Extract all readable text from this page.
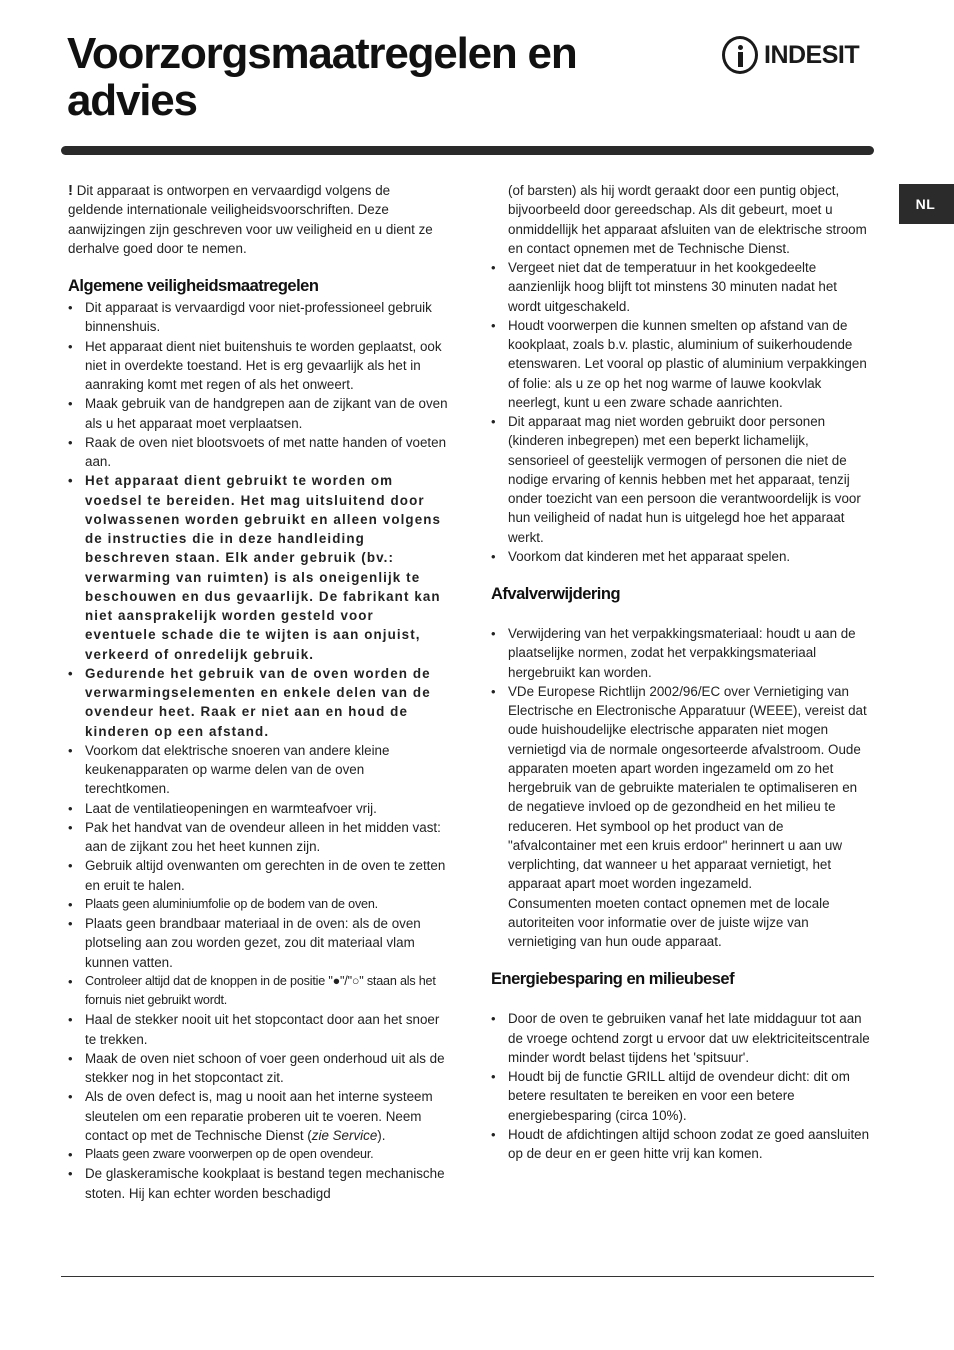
Voorzorgsmaatregelen en
advies
INDESIT
NL

! Dit apparaat is ontworpen en vervaardigd volgens de geldende internationale veiligheidsvoorschriften. Deze aanwijzingen zijn geschreven voor uw veiligheid en u dient ze derhalve goed door te nemen.

Algemene veiligheidsmaatregelen
• Dit apparaat is vervaardigd voor niet-professioneel gebruik binnenshuis.
• Het apparaat dient niet buitenshuis te worden geplaatst, ook niet in overdekte toestand. Het is erg gevaarlijk als het in aanraking komt met regen of als het onweert.
• Maak gebruik van de handgrepen aan de zijkant van de oven als u het apparaat moet verplaatsen.
• Raak de oven niet blootsvoets of met natte handen of voeten aan.
• Het apparaat dient gebruikt te worden om voedsel te bereiden. Het mag uitsluitend door volwassenen worden gebruikt en alleen volgens de instructies die in deze handleiding beschreven staan. Elk ander gebruik (bv.: verwarming van ruimten) is als oneigenlijk te beschouwen en dus gevaarlijk. De fabrikant kan niet aansprakelijk worden gesteld voor eventuele schade die te wijten is aan onjuist, verkeerd of onredelijk gebruik.
• Gedurende het gebruik van de oven worden de verwarmingselementen en enkele delen van de ovendeur heet. Raak er niet aan en houd de kinderen op een afstand.
• Voorkom dat elektrische snoeren van andere kleine keukenapparaten op warme delen van de oven terechtkomen.
• Laat de ventilatieopeningen en warmteafvoer vrij.
• Pak het handvat van de ovendeur alleen in het midden vast: aan de zijkant zou het heet kunnen zijn.
• Gebruik altijd ovenwanten om gerechten in de oven te zetten en eruit te halen.
• Plaats geen aluminiumfolie op de bodem van de oven.
• Plaats geen brandbaar materiaal in de oven: als de oven plotseling aan zou worden gezet, zou dit materiaal vlam kunnen vatten.
• Controleer altijd dat de knoppen in de positie "●"/"○" staan als het fornuis niet gebruikt wordt.
• Haal de stekker nooit uit het stopcontact door aan het snoer te trekken.
• Maak de oven niet schoon of voer geen onderhoud uit als de stekker nog in het stopcontact zit.
• Als de oven defect is, mag u nooit aan het interne systeem sleutelen om een reparatie proberen uit te voeren. Neem contact op met de Technische Dienst (zie Service).
• Plaats geen zware voorwerpen op de open ovendeur.
• De glaskeramische kookplaat is bestand tegen mechanische stoten. Hij kan echter worden beschadigd

(of barsten) als hij wordt geraakt door een puntig object, bijvoorbeeld door gereedschap. Als dit gebeurt, moet u onmiddellijk het apparaat afsluiten van de elektrische stroom en contact opnemen met de Technische Dienst.

• Vergeet niet dat de temperatuur in het kookgedeelte aanzienlijk hoog blijft tot minstens 30 minuten nadat het wordt uitgeschakeld.
• Houdt voorwerpen die kunnen smelten op afstand van de kookplaat, zoals b.v. plastic, aluminium of suikerhoudende etenswaren. Let vooral op plastic of aluminium verpakkingen of folie: als u ze op het nog warme of lauwe kookvlak neerlegt, kunt u een zware schade aanrichten.
• Dit apparaat mag niet worden gebruikt door personen (kinderen inbegrepen) met een beperkt lichamelijk, sensorieel of geestelijk vermogen of personen die niet de nodige ervaring of kennis hebben met het apparaat, tenzij onder toezicht van een persoon die verantwoordelijk is voor hun veiligheid of nadat hun is uitgelegd hoe het apparaat werkt.
• Voorkom dat kinderen met het apparaat spelen.
Afvalverwijdering
• Verwijdering van het verpakkingsmateriaal: houdt u aan de plaatselijke normen, zodat het verpakkingsmateriaal hergebruikt kan worden.
• VDe Europese Richtlijn 2002/96/EC over Vernietiging van Electrische en Electronische Apparatuur (WEEE), vereist dat oude huishoudelijke electrische apparaten niet mogen vernietigd via de normale ongesorteerde afvalstroom. Oude apparaten moeten apart worden ingezameld om zo het hergebruik van de gebruikte materialen te optimaliseren en de negatieve invloed op de gezondheid en het milieu te reduceren. Het symbool op het product van de "afvalcontainer met een kruis erdoor" herinnert u aan uw verplichting, dat wanneer u het apparaat vernietigt, het apparaat apart moet worden ingezameld.
Consumenten moeten contact opnemen met de locale autoriteiten voor informatie over de juiste wijze van vernietiging van hun oude apparaat.
Energiebesparing en milieubesef
• Door de oven te gebruiken vanaf het late middaguur tot aan de vroege ochtend zorgt u ervoor dat uw elektriciteitscentrale minder wordt belast tijdens het 'spitsuur'.
• Houdt bij de functie GRILL altijd de ovendeur dicht: dit om betere resultaten te bereiken en voor een betere energiebesparing (circa 10%).
• Houdt de afdichtingen altijd schoon zodat ze goed aansluiten op de deur en er geen hitte vrij kan komen.
